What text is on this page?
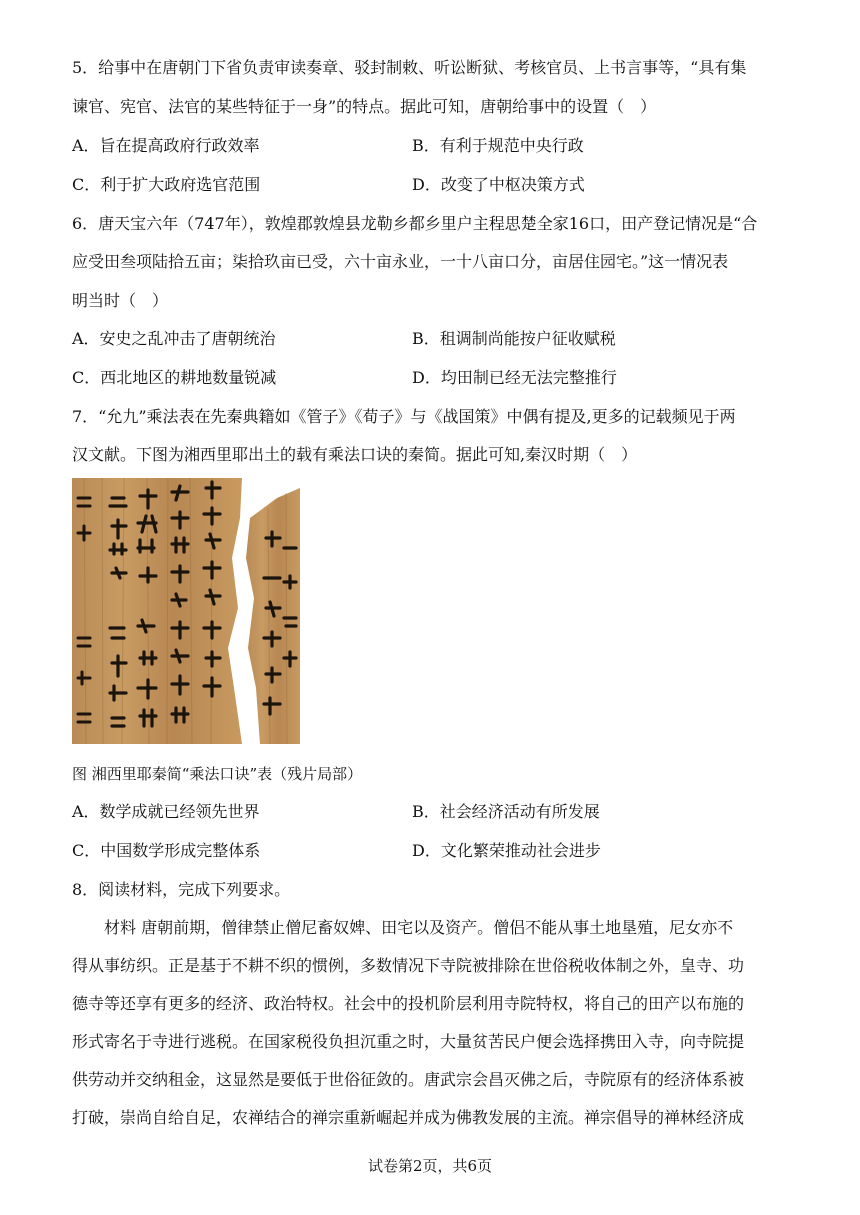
5．给事中在唐朝门下省负责审读奏章、驳封制敕、听讼断狱、考核官员、上书言事等，“具有集
谏官、宪官、法官的某些特征于一身”的特点。据此可知，唐朝给事中的设置（　）
A．旨在提高政府行政效率	B．有利于规范中央行政
C．利于扩大政府选官范围	D．改变了中枢决策方式
6．唐天宝六年（747年），敦煌郡敦煌县龙勒乡都乡里户主程思楚全家16口，田产登记情况是“合
应受田叁项陆拾五亩；柒拾玖亩已受，六十亩永业，一十八亩口分，亩居住园宅。”这一情况表
明当时（　）
A．安史之乱冲击了唐朝统治	B．租调制尚能按户征收赋税
C．西北地区的耕地数量锐减	D．均田制已经无法完整推行
7．“允九”乘法表在先秦典籍如《管子》《荀子》与《战国策》中偶有提及,更多的记载频见于两
汉文献。下图为湘西里耶出土的载有乘法口诀的秦简。据此可知,秦汉时期（　）
图 湘西里耶秦简“乘法口诀”表（残片局部）
A．数学成就已经领先世界	B．社会经济活动有所发展
C．中国数学形成完整体系	D．文化繁荣推动社会进步
8．阅读材料，完成下列要求。
材料 唐朝前期，僧律禁止僧尼畜奴婢、田宅以及资产。僧侣不能从事土地垦殖，尼女亦不
得从事纺织。正是基于不耕不织的惯例，多数情况下寺院被排除在世俗税收体制之外，皇寺、功
德寺等还享有更多的经济、政治特权。社会中的投机阶层利用寺院特权，将自己的田产以布施的
形式寄名于寺进行逃税。在国家税役负担沉重之时，大量贫苦民户便会选择携田入寺，向寺院提
供劳动并交纳租金，这显然是要低于世俗征敛的。唐武宗会昌灭佛之后，寺院原有的经济体系被
打破，崇尚自给自足，农禅结合的禅宗重新崛起并成为佛教发展的主流。禅宗倡导的禅林经济成
试卷第2页，共6页
